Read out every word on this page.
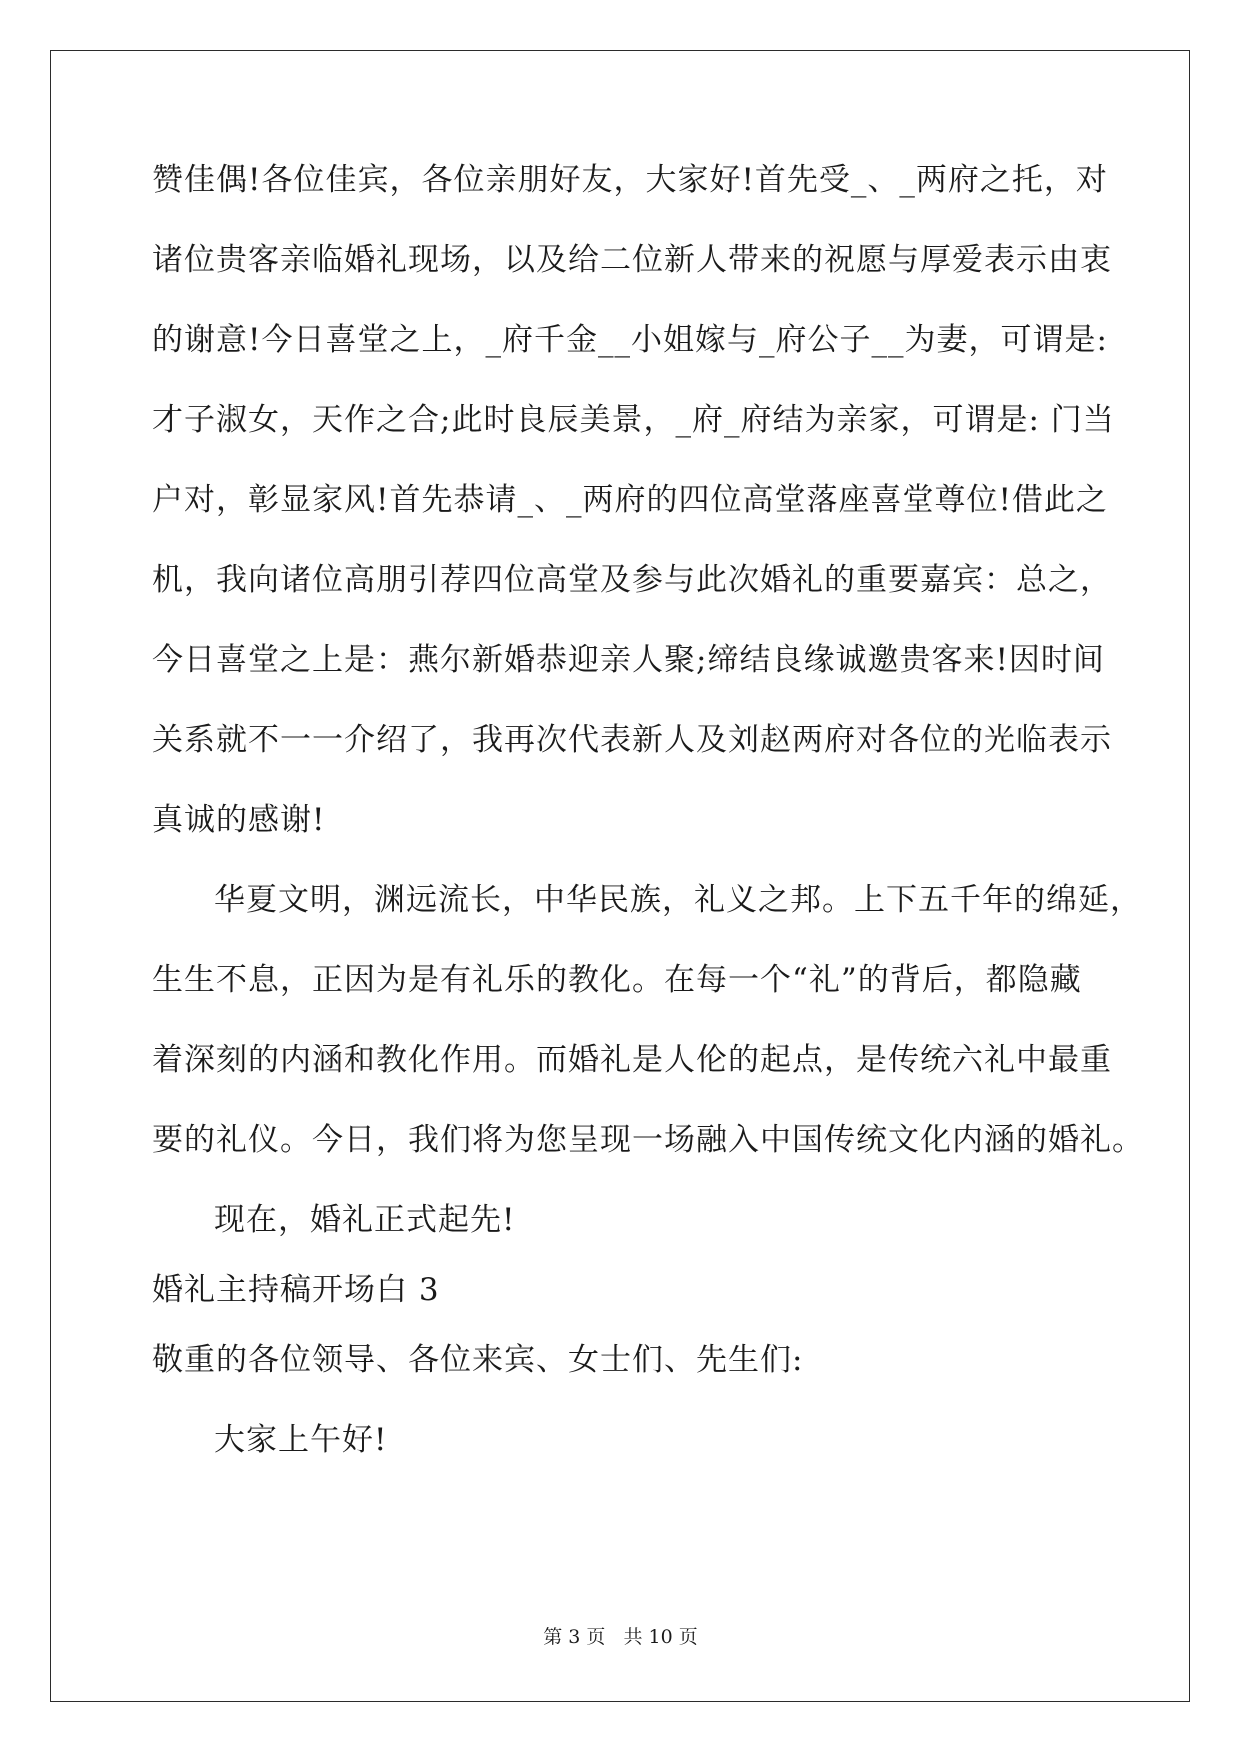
赞佳偶!各位佳宾，各位亲朋好友，大家好!首先受_、_两府之托，对
诸位贵客亲临婚礼现场，以及给二位新人带来的祝愿与厚爱表示由衷
的谢意!今日喜堂之上，_府千金__小姐嫁与_府公子__为妻，可谓是:
才子淑女，天作之合;此时良辰美景，_府_府结为亲家，可谓是: 门当
户对，彰显家风!首先恭请_、_两府的四位高堂落座喜堂尊位!借此之
机，我向诸位高朋引荐四位高堂及参与此次婚礼的重要嘉宾：总之，
今日喜堂之上是：燕尔新婚恭迎亲人聚;缔结良缘诚邀贵客来!因时间
关系就不一一介绍了，我再次代表新人及刘赵两府对各位的光临表示
真诚的感谢!
华夏文明，渊远流长，中华民族，礼义之邦。上下五千年的绵延，
生生不息，正因为是有礼乐的教化。在每一个“礼”的背后，都隐藏
着深刻的内涵和教化作用。而婚礼是人伦的起点，是传统六礼中最重
要的礼仪。今日，我们将为您呈现一场融入中国传统文化内涵的婚礼。
现在，婚礼正式起先!
婚礼主持稿开场白 3
敬重的各位领导、各位来宾、女士们、先生们:
大家上午好!
第 3 页 共 10 页
